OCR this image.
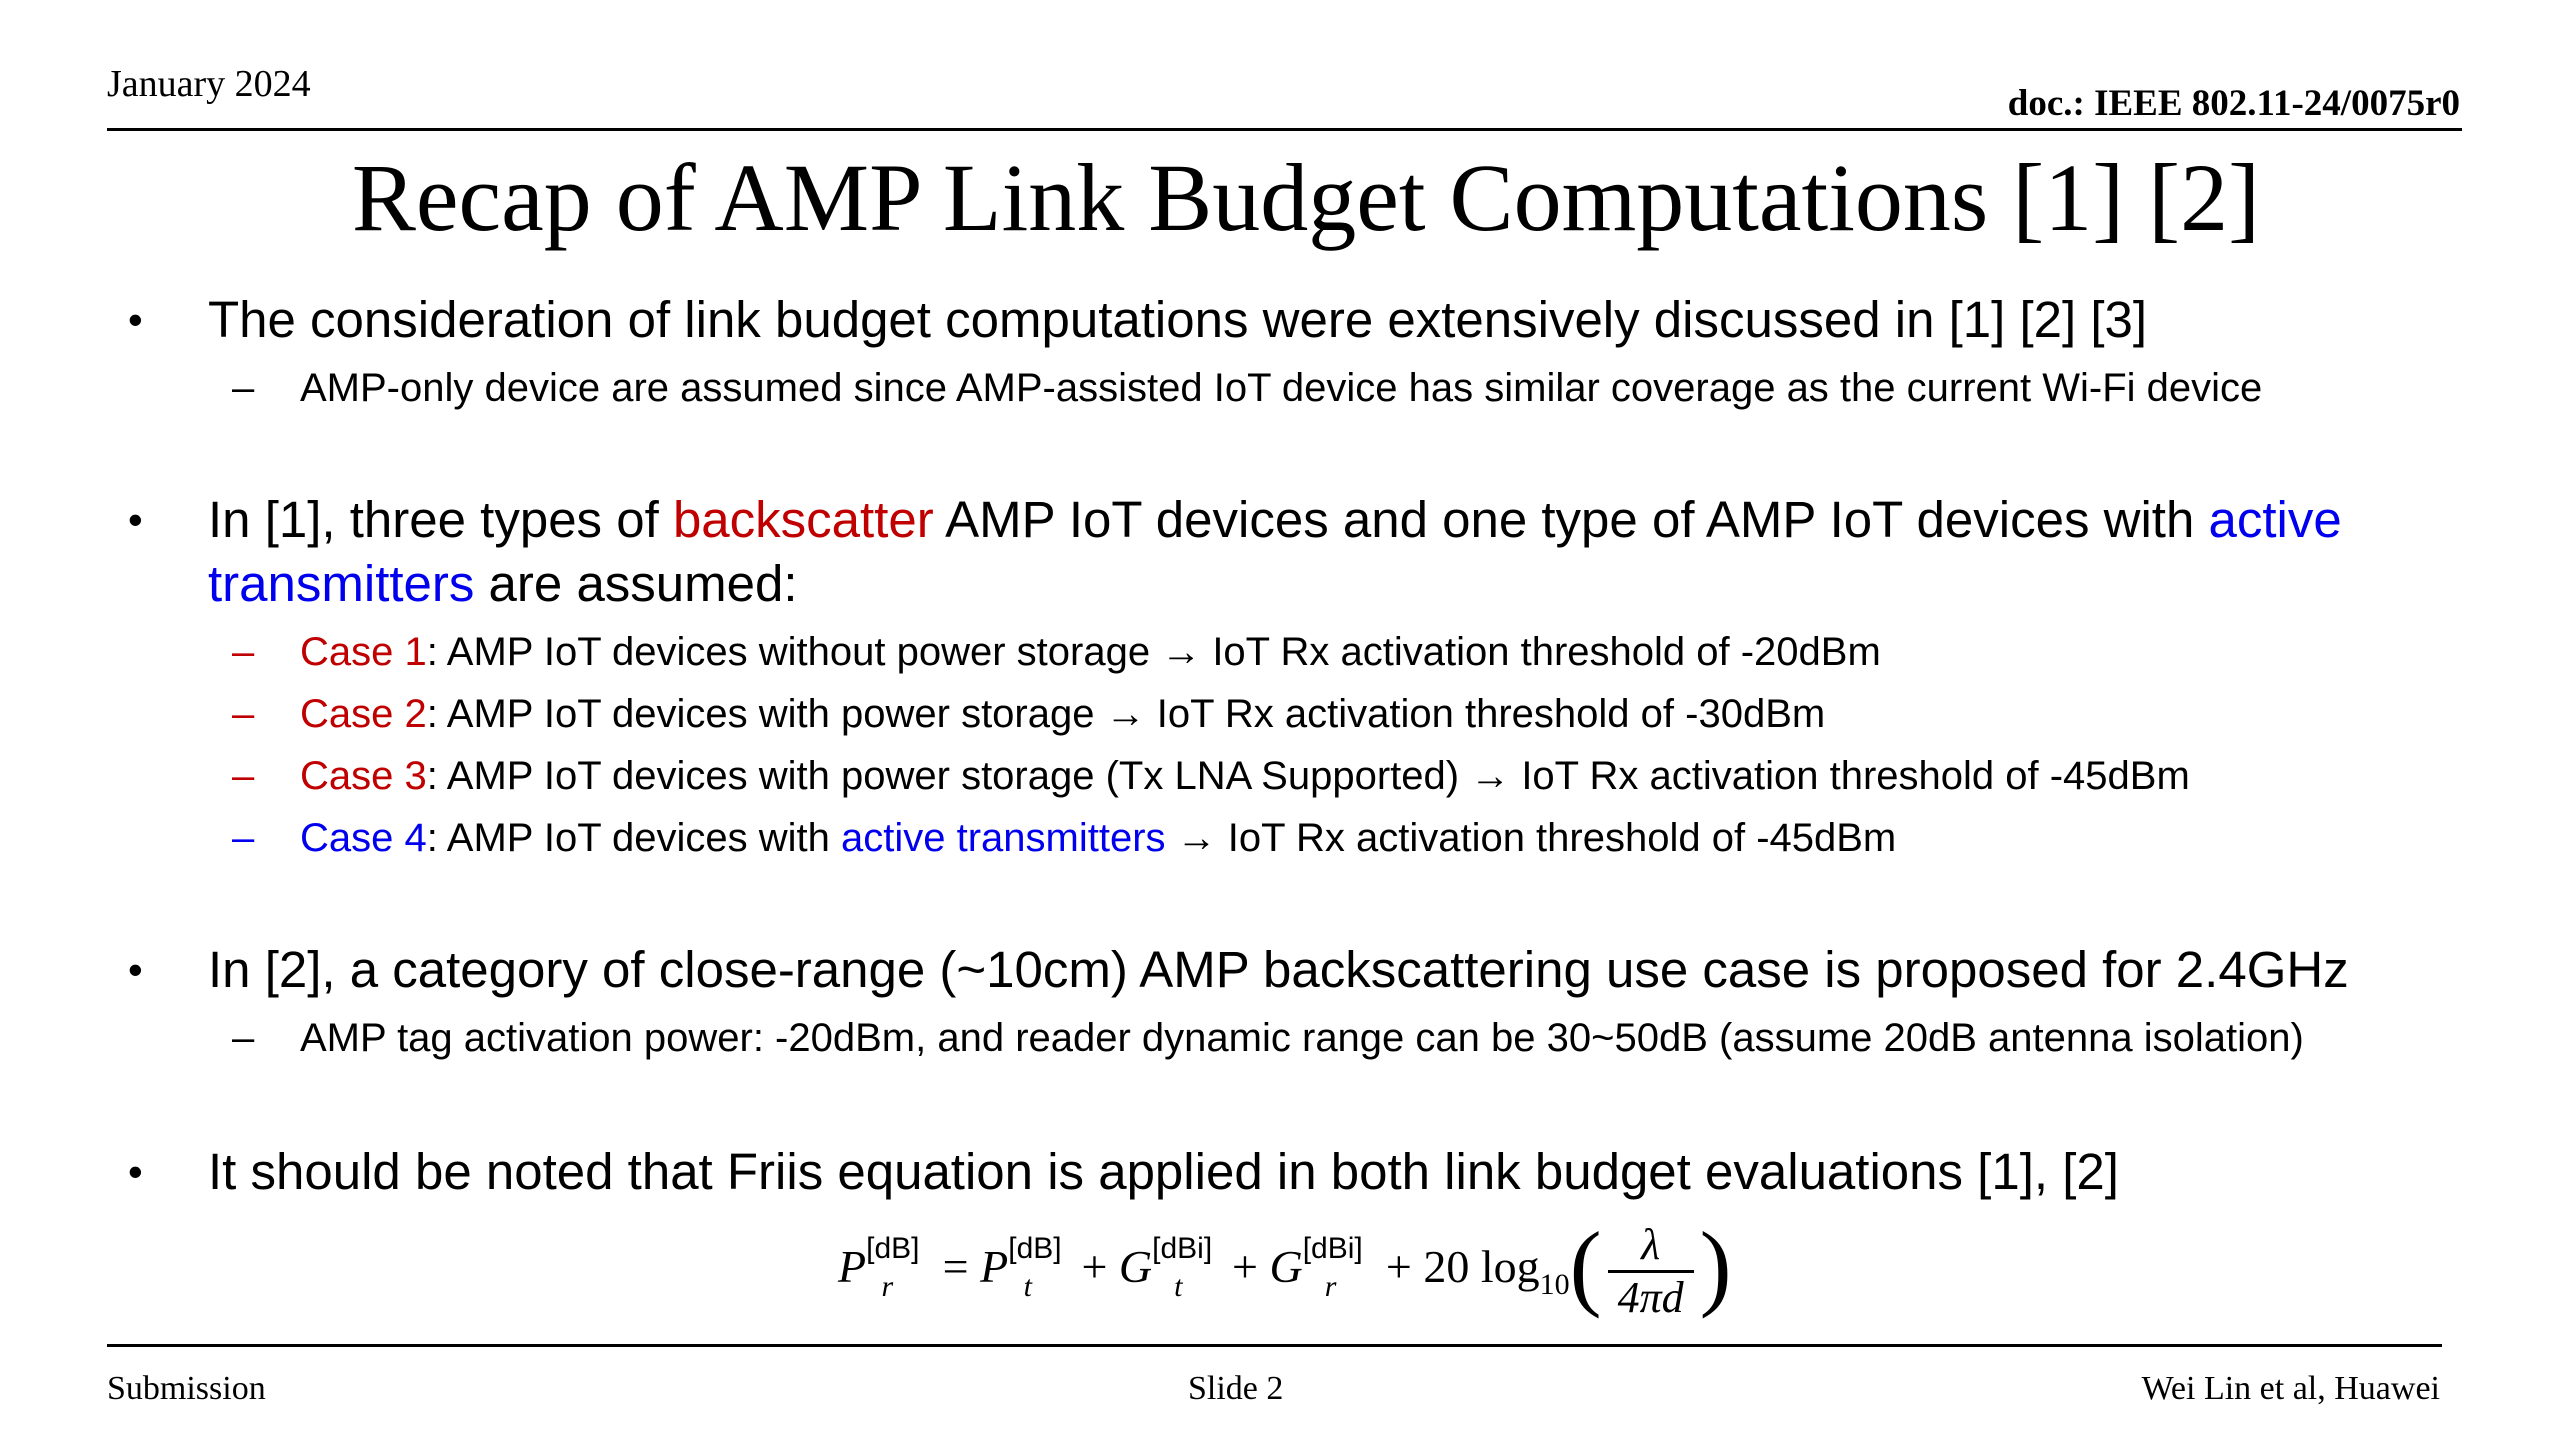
January 2024	doc.: IEEE 802.11-24/0075r0
Recap of AMP Link Budget Computations [1] [2]
•	The consideration of link budget computations were extensively discussed in [1] [2] [3]
–	AMP-only device are assumed since AMP-assisted IoT device has similar coverage as the current Wi-Fi device
•	In [1], three types of backscatter AMP IoT devices and one type of AMP IoT devices with active
transmitters are assumed:
–	Case 1: AMP IoT devices without power storage → IoT Rx activation threshold of -20dBm
–	Case 2: AMP IoT devices with power storage → IoT Rx activation threshold of -30dBm
–	Case 3: AMP IoT devices with power storage (Tx LNA Supported) → IoT Rx activation threshold of -45dBm
–	Case 4: AMP IoT devices with active transmitters → IoT Rx activation threshold of -45dBm
•	In [2], a category of close-range (~10cm) AMP backscattering use case is proposed for 2.4GHz
–	AMP tag activation power: -20dBm, and reader dynamic range can be 30~50dB (assume 20dB antenna isolation)
•	It should be noted that Friis equation is applied in both link budget evaluations [1], [2]
$P[dB]_r = P[dB]_t + G[dBi]_t + G[dBi]_r + 20$ $\log_{10}( \frac{\lambda}{4\pi d}$ )
Submission	Slide 2	Wei Lin et al, Huawei
